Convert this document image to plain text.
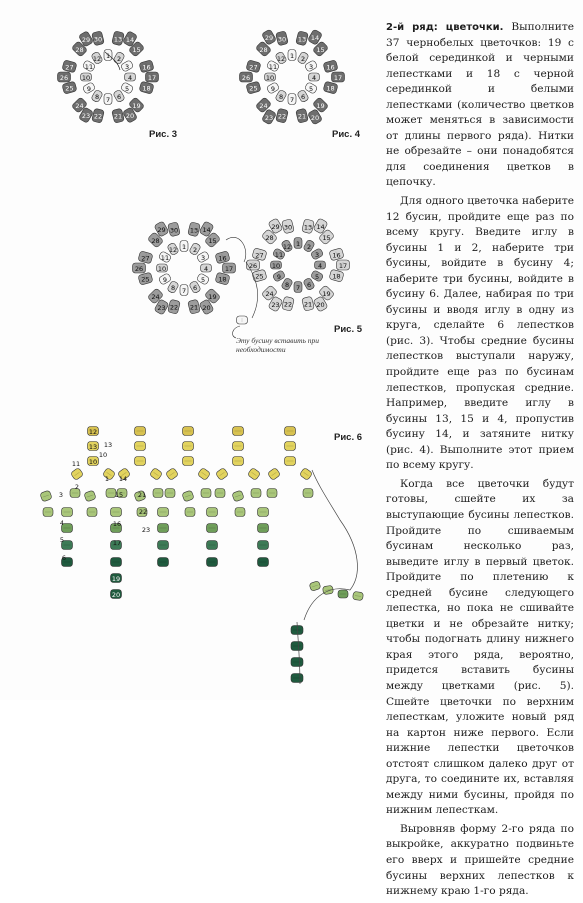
1 2
3
4
5
6
7
8
9
10
11
12
13 14
15
16
17
18
19
20
21
22
23
24
25
26
27
28
29 30
1 2
3
4
5
6
7
8
9
10
11
12
13 14
15
16
17
18
19
20
21
22
23
24
25
26
27
28
29 30
1 2
3
4
5
6
7
8
9
10
11
12
13 14
15
16
17
18
19
20
21
22
23
24
25
26
27
28
29 30
1 2
3
4
5
6
7
8
9
10
11
12
13 14
15
16
17
18
19
20
21
22
23
24
25
26
27
28
29 30
12
13
10
19
20
1
2
3
4
5
6
10
11
13
14
15
16
17
21
22
23
Рис. 3	Рис. 4
Рис. 5
Рис. 6
Эту бусину вставить при необходимости

2-й ряд: цветочки. Выполните 37 чернобелых цветочков: 19 с белой серединкой и черными лепестками и 18 с черной серединкой и белыми лепестками (количество цветков может меняться в зависимости от длины первого ряда). Нитки не обрезайте – они понадобятся для соединения цветков в цепочку.

Для одного цветочка наберите 12 бусин, пройдите еще раз по всему кругу. Введите иглу в бусины 1 и 2, наберите три бусины, войдите в бусину 4; наберите три бусины, войдите в бусину 6. Далее, набирая по три бусины и вводя иглу в одну из круга, сделайте 6 лепестков (рис. 3). Чтобы средние бусины лепестков выступали наружу, пройдите еще раз по бусинам лепестков, пропуская средние. Например, введите иглу в бусины 13, 15 и 4, пропустив бусину 14, и затяните нитку (рис. 4). Выполните этот прием по всему кругу.

Когда все цветочки будут готовы, сшейте их за выступающие бусины лепестков. Пройдите по сшиваемым бусинам несколько раз, выведите иглу в первый цветок. Пройдите по плетению к средней бусине следующего лепестка, но пока не сшивайте цветки и не обрезайте нитку; чтобы подогнать длину нижнего края этого ряда, вероятно, придется вставить бусины между цветками (рис. 5). Сшейте цветочки по верхним лепесткам, уложите новый ряд на картон ниже первого. Если нижние лепестки цветочков отстоят слишком далеко друг от друга, то соедините их, вставляя между ними бусины, пройдя по нижним лепесткам.

Выровняв форму 2-го ряда по выкройке, аккуратно подвиньте его вверх и пришейте средние бусины верхних лепестков к нижнему краю 1-го ряда.
